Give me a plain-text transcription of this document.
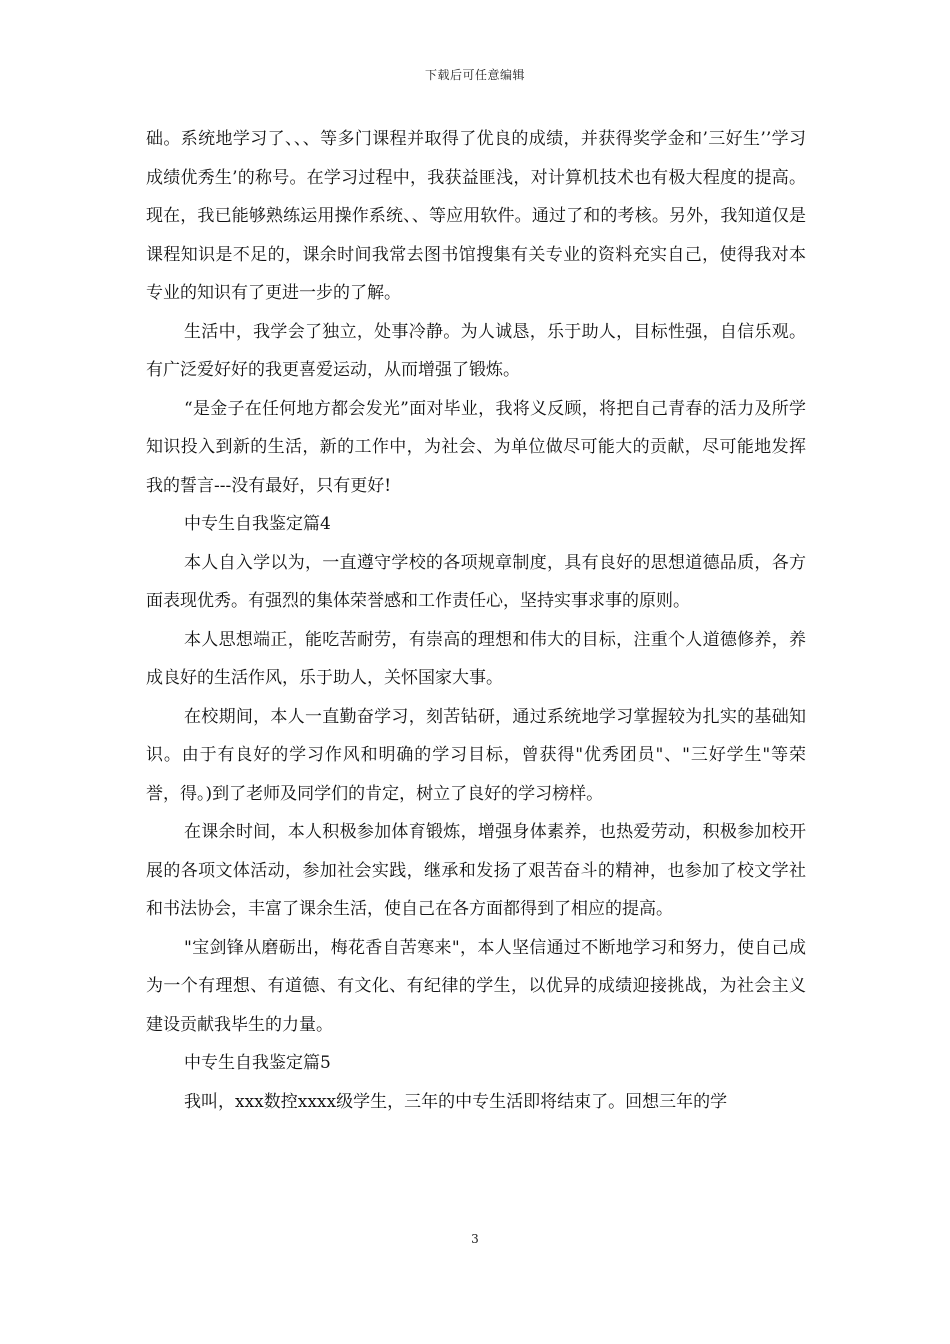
下载后可任意编辑

础。系统地学习了、、、等多门课程并取得了优良的成绩，并获得奖学金和’三好生’’学习成绩优秀生’的称号。在学习过程中，我获益匪浅，对计算机技术也有极大程度的提高。现在，我已能够熟练运用操作系统、、等应用软件。通过了和的考核。另外，我知道仅是课程知识是不足的，课余时间我常去图书馆搜集有关专业的资料充实自己，使得我对本专业的知识有了更进一步的了解。

生活中，我学会了独立，处事冷静。为人诚恳，乐于助人，目标性强，自信乐观。有广泛爱好好的我更喜爱运动，从而增强了锻炼。

“是金子在任何地方都会发光”面对毕业，我将义反顾，将把自己青春的活力及所学知识投入到新的生活，新的工作中，为社会、为单位做尽可能大的贡献，尽可能地发挥我的誓言---没有最好，只有更好!

中专生自我鉴定篇4

本人自入学以为，一直遵守学校的各项规章制度，具有良好的思想道德品质，各方面表现优秀。有强烈的集体荣誉感和工作责任心，坚持实事求事的原则。

本人思想端正，能吃苦耐劳，有崇高的理想和伟大的目标，注重个人道德修养，养成良好的生活作风，乐于助人，关怀国家大事。

在校期间，本人一直勤奋学习，刻苦钻研，通过系统地学习掌握较为扎实的基础知识。由于有良好的学习作风和明确的学习目标，曾获得"优秀团员"、"三好学生"等荣誉，得。)到了老师及同学们的肯定，树立了良好的学习榜样。

在课余时间，本人积极参加体育锻炼，增强身体素养，也热爱劳动，积极参加校开展的各项文体活动，参加社会实践，继承和发扬了艰苦奋斗的精神，也参加了校文学社和书法协会，丰富了课余生活，使自己在各方面都得到了相应的提高。

"宝剑锋从磨砺出，梅花香自苦寒来"，本人坚信通过不断地学习和努力，使自己成为一个有理想、有道德、有文化、有纪律的学生，以优异的成绩迎接挑战，为社会主义建设贡献我毕生的力量。

中专生自我鉴定篇5

我叫，xxx数控xxxx级学生，三年的中专生活即将结束了。回想三年的学

3
